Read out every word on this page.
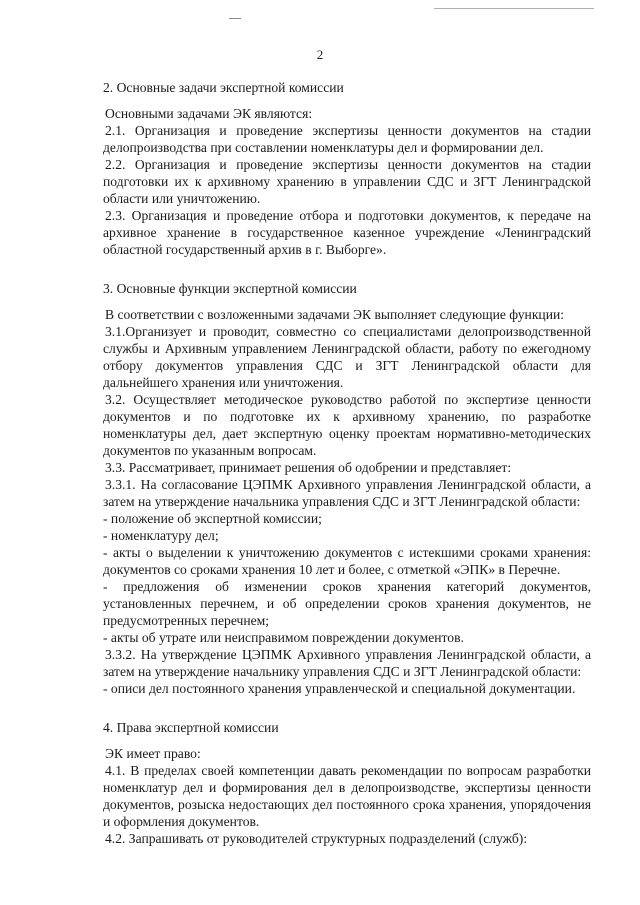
2
2. Основные задачи экспертной комиссии

Основными задачами ЭК являются:

2.1. Организация и проведение экспертизы ценности документов на стадии делопроизводства при составлении номенклатуры дел и формировании дел.

2.2. Организация и проведение экспертизы ценности документов на стадии подготовки их к архивному хранению в управлении СДС и ЗГТ Ленинградской области или уничтожению.

2.3. Организация и проведение отбора и подготовки документов, к передаче на архивное хранение в государственное казенное учреждение «Ленинградский областной государственный архив в г. Выборге».

3. Основные функции экспертной комиссии

В соответствии с возложенными задачами ЭК выполняет следующие функции:

3.1.Организует и проводит, совместно со специалистами делопроизводственной службы и Архивным управлением Ленинградской области, работу по ежегодному отбору документов управления СДС и ЗГТ Ленинградской области для дальнейшего хранения или уничтожения.

3.2. Осуществляет методическое руководство работой по экспертизе ценности документов и по подготовке их к архивному хранению, по разработке номенклатуры дел, дает экспертную оценку проектам нормативно-методических документов по указанным вопросам.

3.3. Рассматривает, принимает решения об одобрении и представляет:

3.3.1. На согласование ЦЭПМК Архивного управления Ленинградской области, а затем на утверждение начальника управления СДС и ЗГТ Ленинградской области:

- положение об экспертной комиссии;

- номенклатуру дел;

- акты о выделении к уничтожению документов с истекшими сроками хранения: документов со сроками хранения 10 лет и более, с отметкой «ЭПК» в Перечне.

- предложения об изменении сроков хранения категорий документов, установленных перечнем, и об определении сроков хранения документов, не предусмотренных перечнем;

- акты об утрате или неисправимом повреждении документов.

3.3.2. На утверждение ЦЭПМК Архивного управления Ленинградской области, а затем на утверждение начальнику управления СДС и ЗГТ Ленинградской области:

- описи дел постоянного хранения управленческой и специальной документации.

4. Права экспертной комиссии

ЭК имеет право:

4.1. В пределах своей компетенции давать рекомендации по вопросам разработки номенклатур дел и формирования дел в делопроизводстве, экспертизы ценности документов, розыска недостающих дел постоянного срока хранения, упорядочения и оформления документов.

4.2. Запрашивать от руководителей структурных подразделений (служб):
